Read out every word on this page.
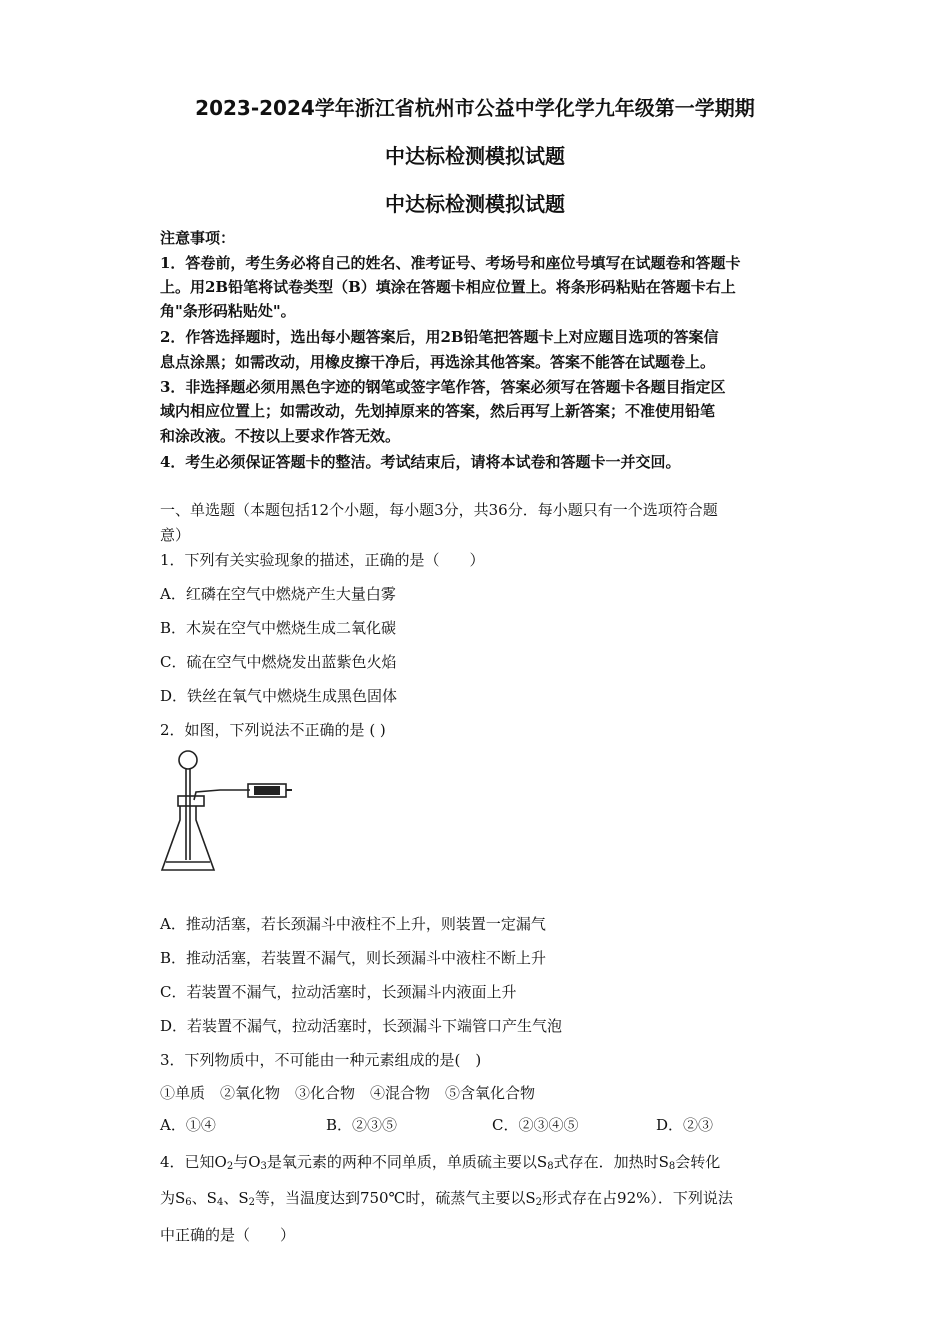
2023-2024学年浙江省杭州市公益中学化学九年级第一学期期
中达标检测模拟试题
中达标检测模拟试题
注意事项：
1．答卷前，考生务必将自己的姓名、准考证号、考场号和座位号填写在试题卷和答题卡
上。用2B铅笔将试卷类型（B）填涂在答题卡相应位置上。将条形码粘贴在答题卡右上
角"条形码粘贴处"。
2．作答选择题时，选出每小题答案后，用2B铅笔把答题卡上对应题目选项的答案信
息点涂黑；如需改动，用橡皮擦干净后，再选涂其他答案。答案不能答在试题卷上。
3．非选择题必须用黑色字迹的钢笔或签字笔作答，答案必须写在答题卡各题目指定区
域内相应位置上；如需改动，先划掉原来的答案，然后再写上新答案；不准使用铅笔
和涂改液。不按以上要求作答无效。
4．考生必须保证答题卡的整洁。考试结束后，请将本试卷和答题卡一并交回。
一、单选题（本题包括12个小题，每小题3分，共36分．每小题只有一个选项符合题
意）
1．下列有关实验现象的描述，正确的是（　　）
A．红磷在空气中燃烧产生大量白雾
B．木炭在空气中燃烧生成二氧化碳
C．硫在空气中燃烧发出蓝紫色火焰
D．铁丝在氧气中燃烧生成黑色固体
2．如图，下列说法不正确的是 ( )
A．推动活塞，若长颈漏斗中液柱不上升，则装置一定漏气
B．推动活塞，若装置不漏气，则长颈漏斗中液柱不断上升
C．若装置不漏气，拉动活塞时，长颈漏斗内液面上升
D．若装置不漏气，拉动活塞时，长颈漏斗下端管口产生气泡
3．下列物质中，不可能由一种元素组成的是(　)
①单质　②氧化物　③化合物　④混合物　⑤含氧化合物
A．①④	B．②③⑤	C．②③④⑤	D．②③
4．已知$O_2$与$O_3$是氧元素的两种不同单质，单质硫主要以$S_8$式存在．加热时$S_8$会转化
为$S_6$、$S_4$、$S_2$等，当温度达到750℃时，硫蒸气主要以$S_2$形式存在占92%）．下列说法
中正确的是（　　）
